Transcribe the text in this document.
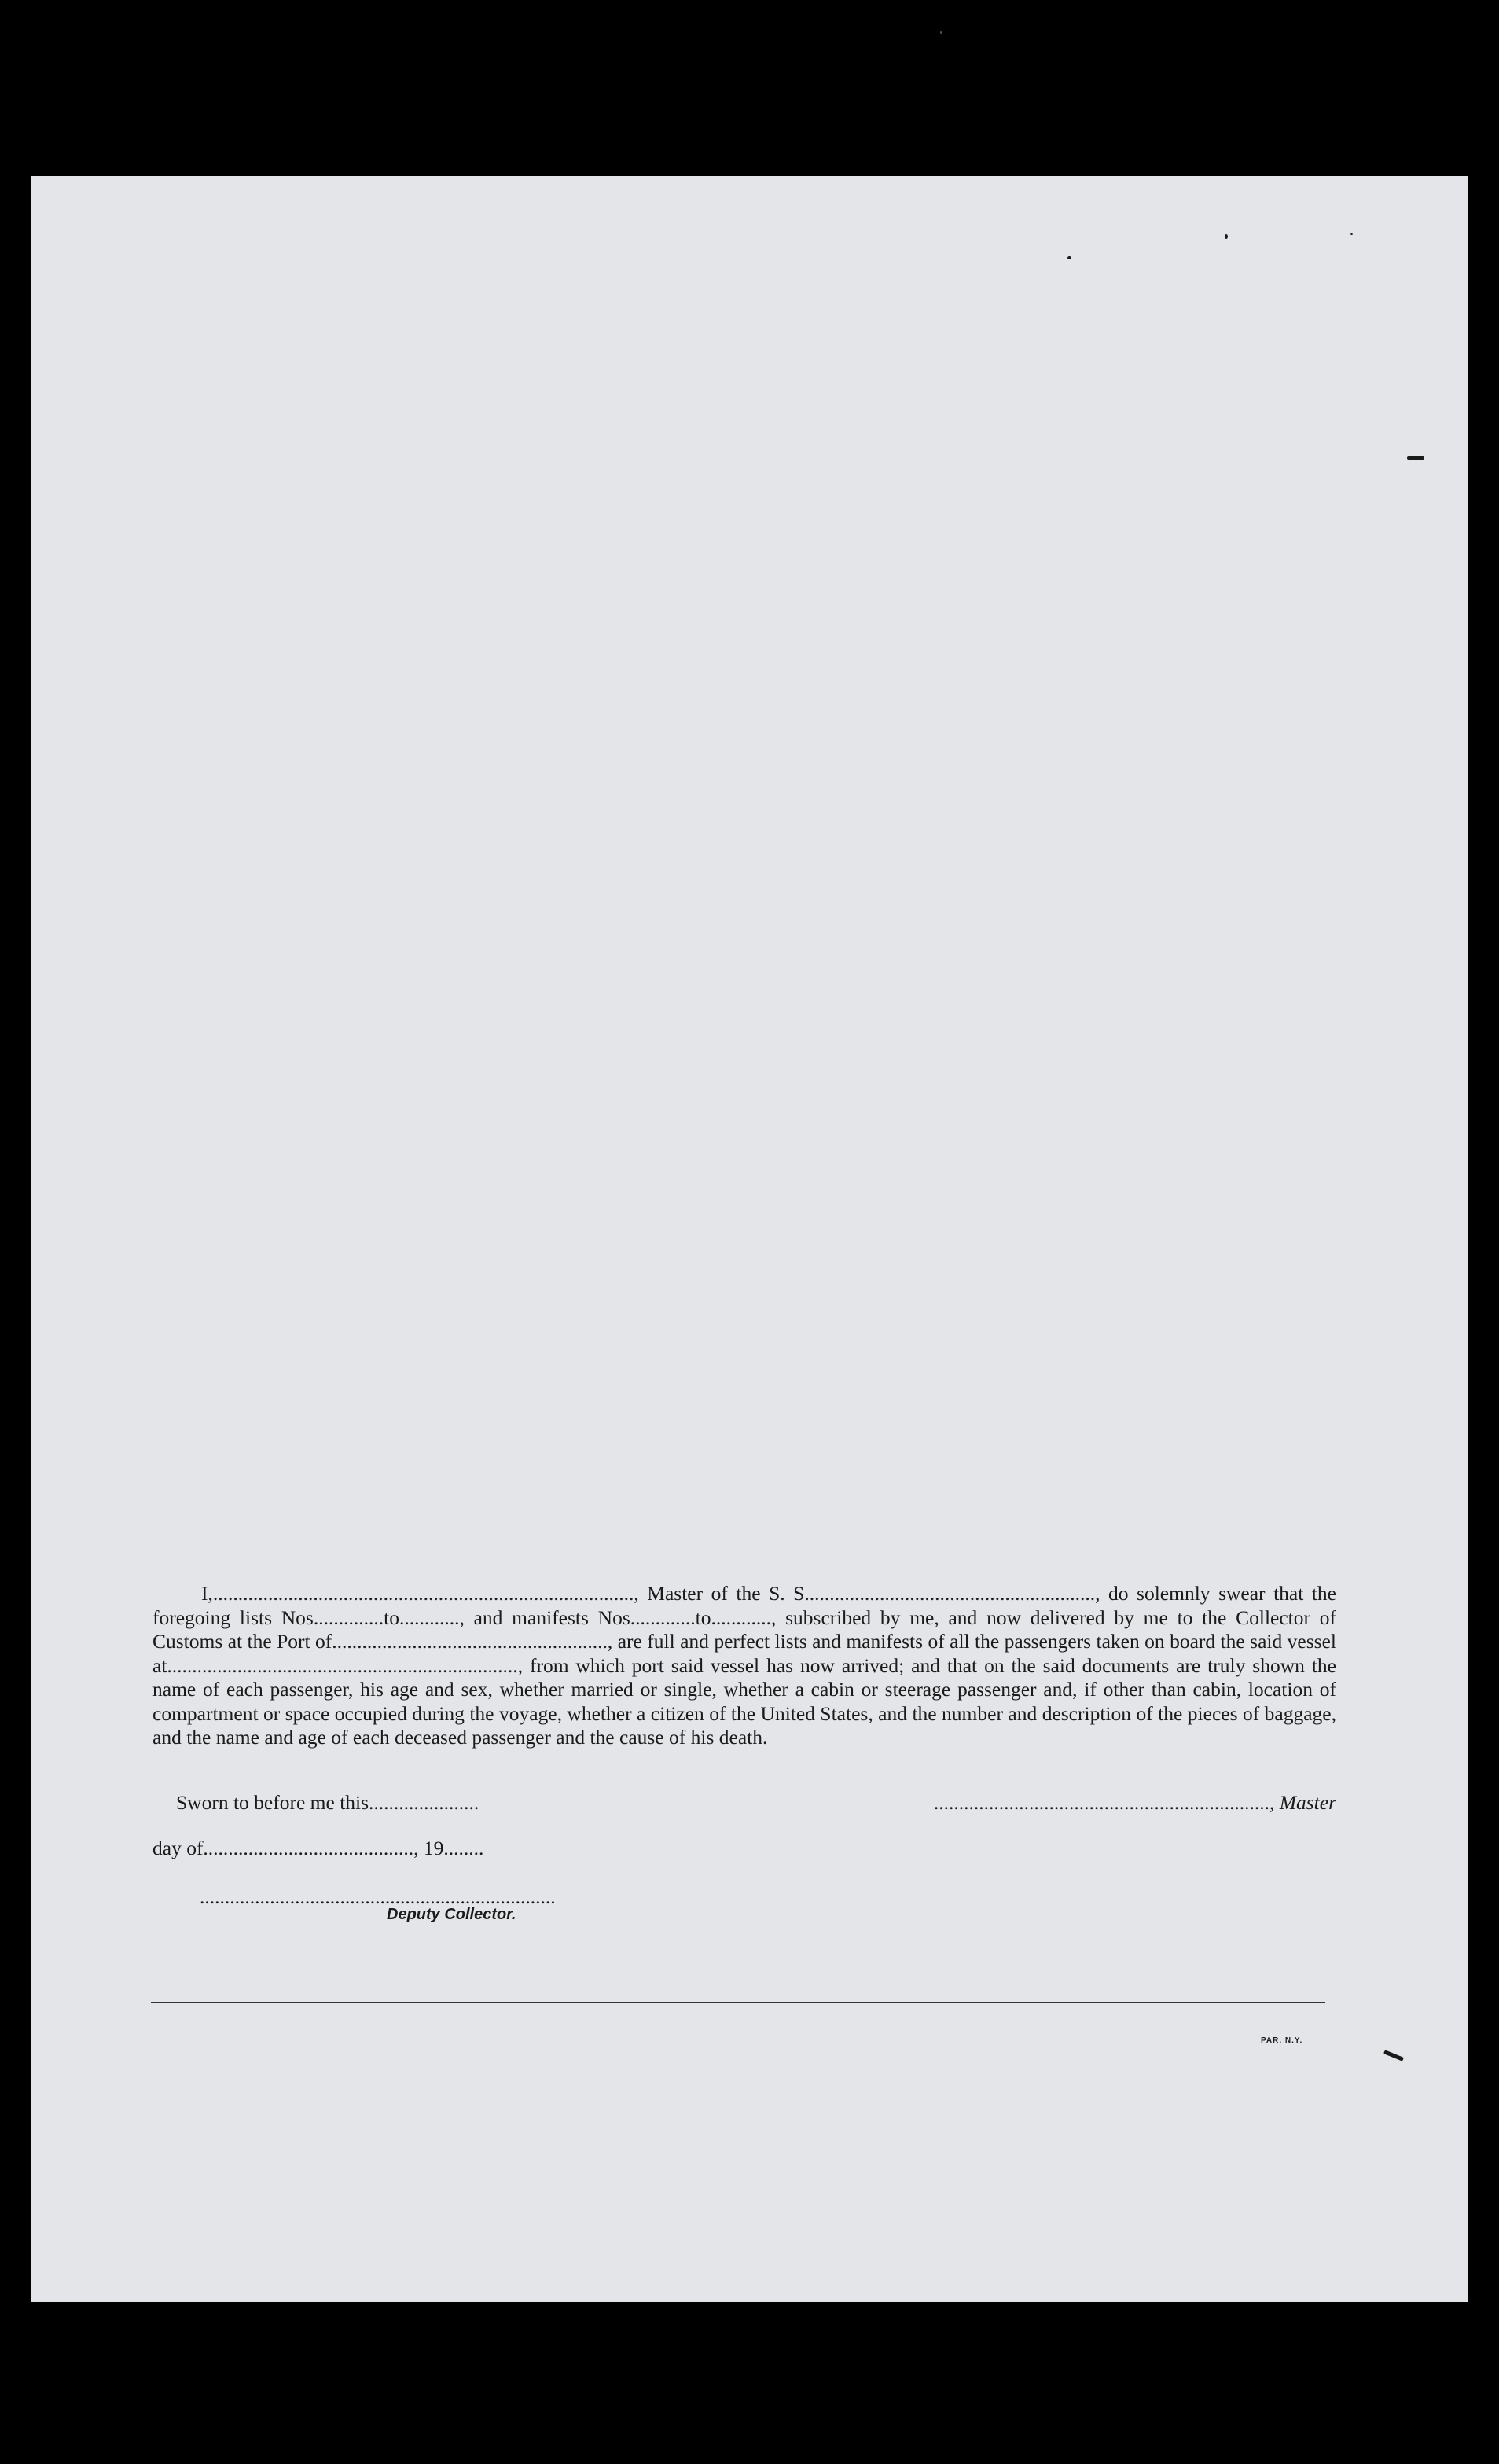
I,...................................................................................., Master of the S. S.........................................................., do solemnly swear that the foregoing lists Nos..............to............, and manifests Nos.............to............, subscribed by me, and now delivered by me to the Collector of Customs at the Port of......................................................., are full and perfect lists and manifests of all the passengers taken on board the said vessel at......................................................................, from which port said vessel has now arrived; and that on the said documents are truly shown the name of each passenger, his age and sex, whether married or single, whether a cabin or steerage passenger and, if other than cabin, location of compartment or space occupied during the voyage, whether a citizen of the United States, and the number and description of the pieces of baggage, and the name and age of each deceased passenger and the cause of his death.

Sworn to before me this......................	..................................................................., Master
day of.........................................., 19........
.......................................................................
Deputy Collector.
PAR. N.Y.
